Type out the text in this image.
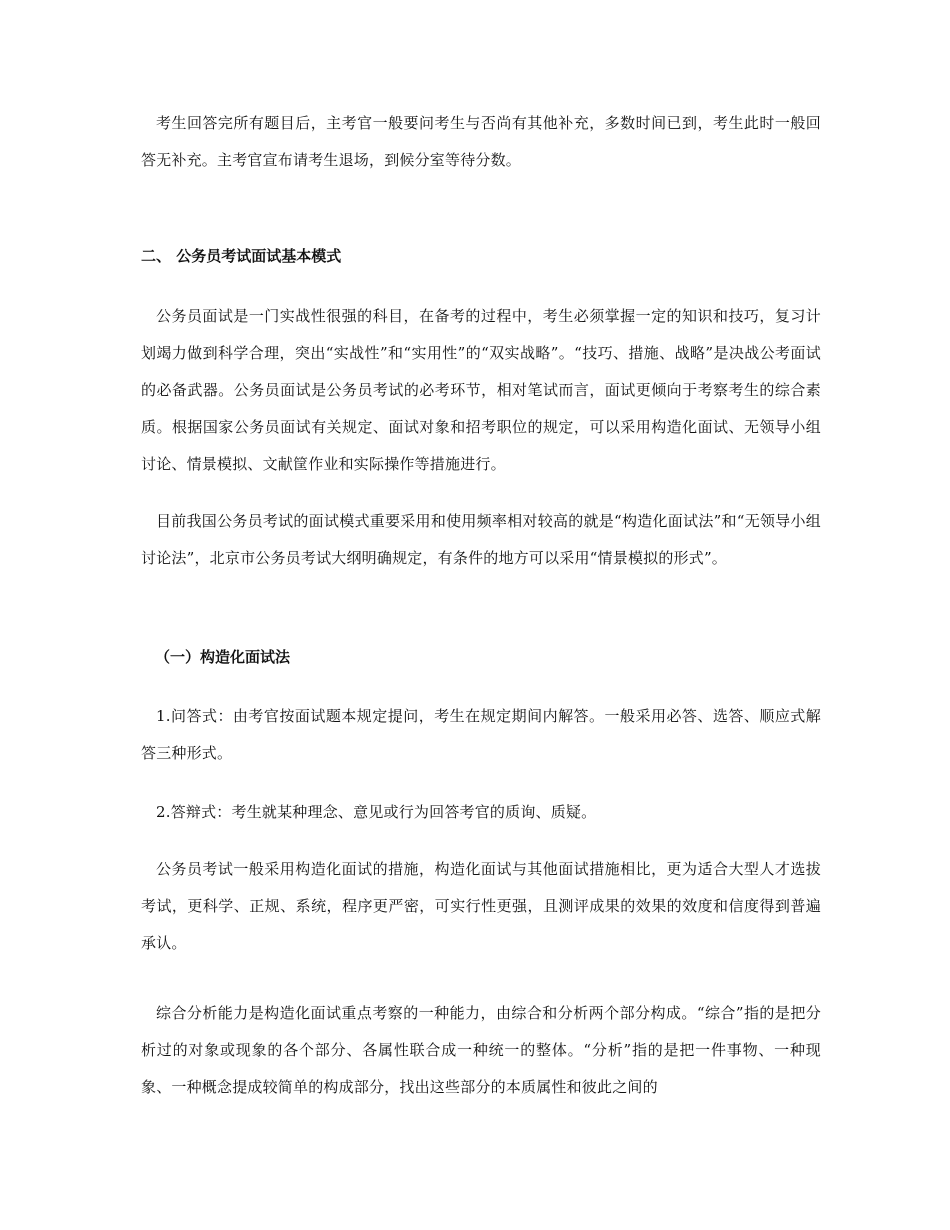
考生回答完所有题目后，主考官一般要问考生与否尚有其他补充，多数时间已到，考生此时一般回答无补充。主考官宣布请考生退场，到候分室等待分数。

二、 公务员考试面试基本模式

公务员面试是一门实战性很强的科目，在备考的过程中，考生必须掌握一定的知识和技巧，复习计划竭力做到科学合理，突出“实战性”和“实用性”的“双实战略”。“技巧、措施、战略”是决战公考面试的必备武器。公务员面试是公务员考试的必考环节，相对笔试而言，面试更倾向于考察考生的综合素质。根据国家公务员面试有关规定、面试对象和招考职位的规定，可以采用构造化面试、无领导小组讨论、情景模拟、文献筐作业和实际操作等措施进行。

目前我国公务员考试的面试模式重要采用和使用频率相对较高的就是“构造化面试法”和“无领导小组讨论法”，北京市公务员考试大纲明确规定，有条件的地方可以采用“情景模拟的形式”。

（一）构造化面试法

1.问答式：由考官按面试题本规定提问，考生在规定期间内解答。一般采用必答、选答、顺应式解答三种形式。

2.答辩式：考生就某种理念、意见或行为回答考官的质询、质疑。

公务员考试一般采用构造化面试的措施，构造化面试与其他面试措施相比，更为适合大型人才选拔考试，更科学、正规、系统，程序更严密，可实行性更强，且测评成果的效果的效度和信度得到普遍承认。

综合分析能力是构造化面试重点考察的一种能力，由综合和分析两个部分构成。“综合”指的是把分析过的对象或现象的各个部分、各属性联合成一种统一的整体。“分析”指的是把一件事物、一种现象、一种概念提成较简单的构成部分，找出这些部分的本质属性和彼此之间的
